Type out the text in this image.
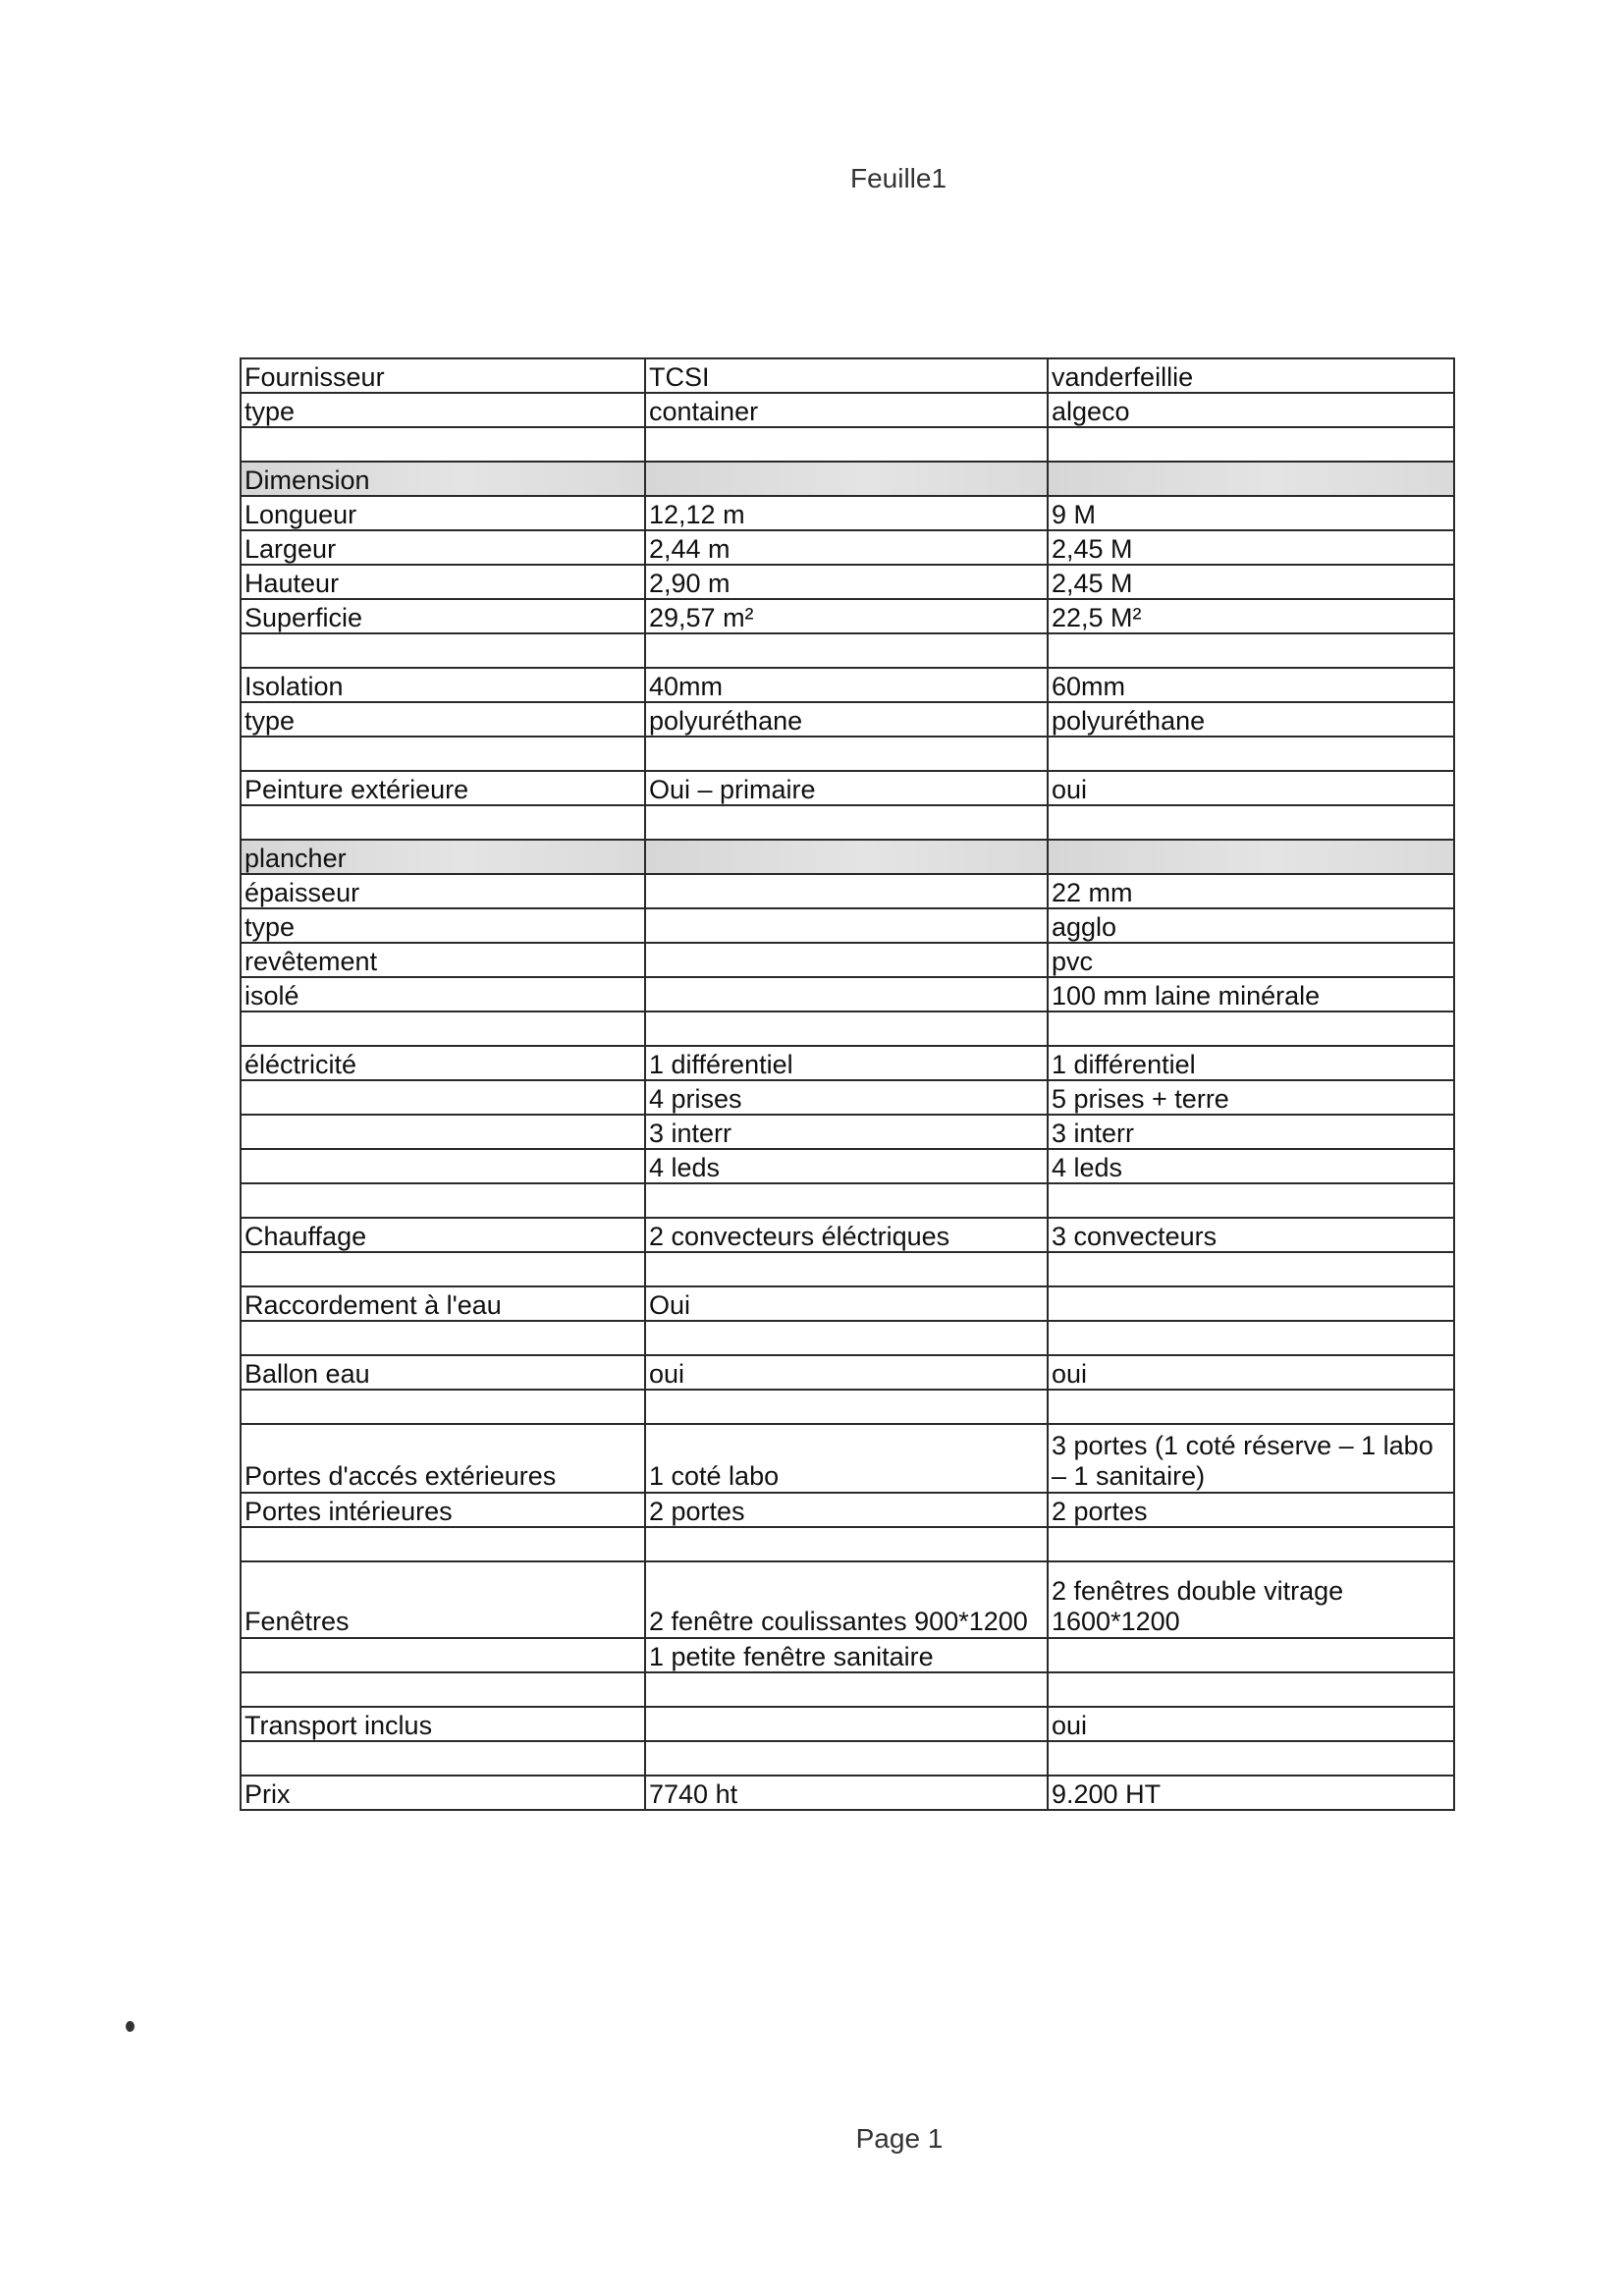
Feuille1
Fournisseur	TCSI	vanderfeillie
type	container	algeco

Dimension		
Longueur	12,12 m	9 M
Largeur	2,44 m	2,45 M
Hauteur	2,90 m	2,45 M
Superficie	29,57 m²	22,5 M²

Isolation	40mm	60mm
type	polyuréthane	polyuréthane

Peinture extérieure	Oui – primaire	oui

plancher		
épaisseur		22 mm
type		agglo
revêtement		pvc
isolé		100 mm laine minérale

éléctricité	1 différentiel	1 différentiel
	4 prises	5 prises + terre
	3 interr	3 interr
	4 leds	4 leds

Chauffage	2 convecteurs éléctriques	3 convecteurs

Raccordement à l'eau	Oui	

Ballon eau	oui	oui

Portes d'accés extérieures	1 coté labo	3 portes (1 coté réserve – 1 labo – 1 sanitaire)
Portes intérieures	2 portes	2 portes

Fenêtres	2 fenêtre coulissantes 900*1200	2 fenêtres double vitrage 1600*1200
	1 petite fenêtre sanitaire	

Transport inclus		oui

Prix	7740 ht	9.200 HT
Page 1
